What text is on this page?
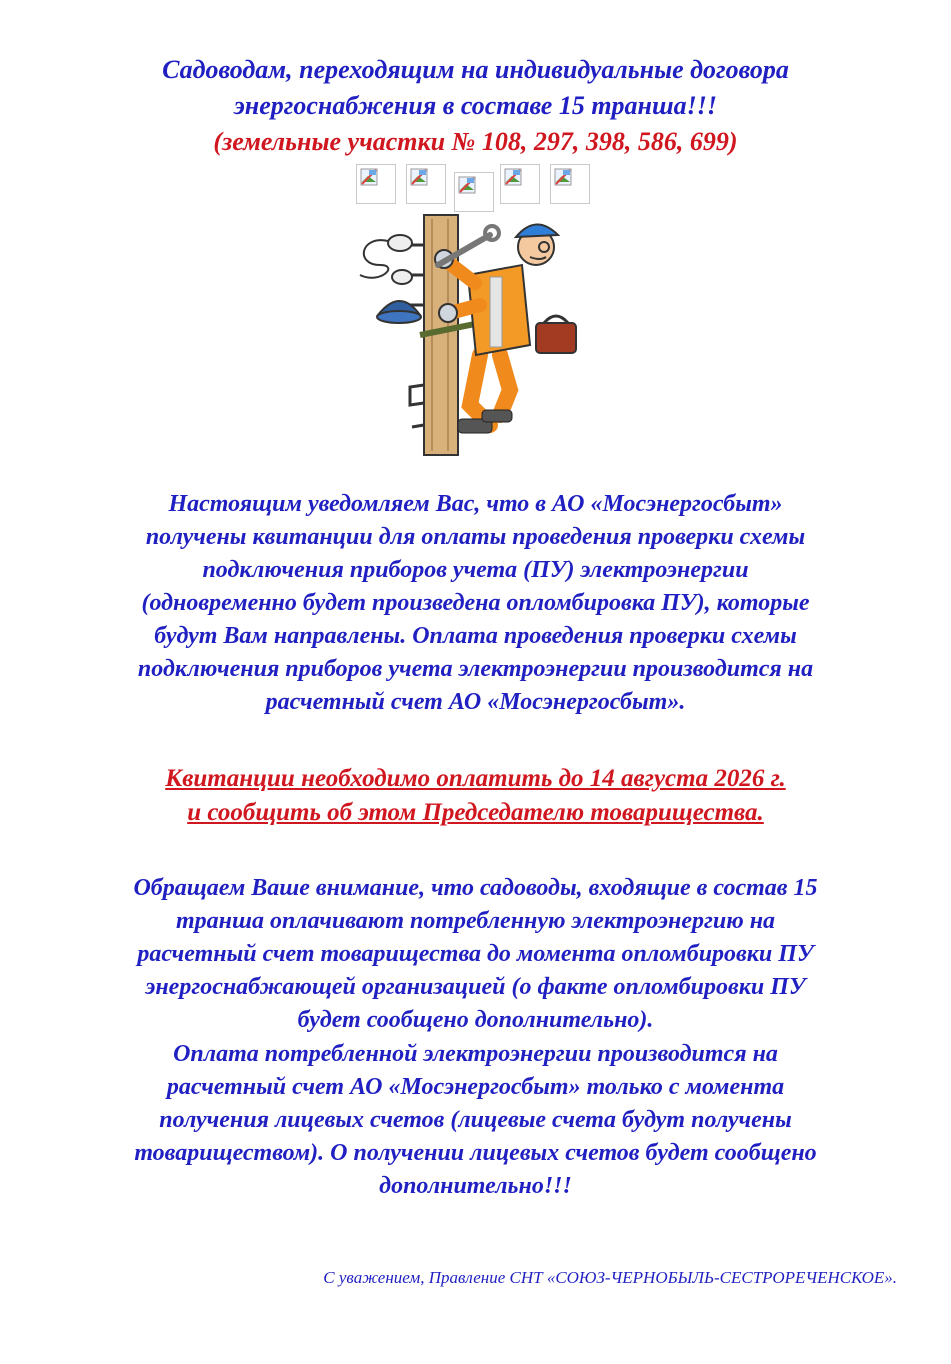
Садоводам, переходящим на индивидуальные договора
энергоснабжения в составе 15 транша!!!
(земельные участки № 108, 297, 398, 586, 699)
Настоящим уведомляем Вас, что в АО «Мосэнергосбыт»
получены квитанции для оплаты проведения проверки схемы
подключения приборов учета (ПУ) электроэнергии
(одновременно будет произведена опломбировка ПУ), которые
будут Вам направлены. Оплата проведения проверки схемы
подключения приборов учета электроэнергии производится на
расчетный счет АО «Мосэнергосбыт».
Квитанции необходимо оплатить до 14 августа 2026 г.
и сообщить об этом Председателю товарищества.
Обращаем Ваше внимание, что садоводы, входящие в состав 15
транша оплачивают потребленную электроэнергию на
расчетный счет товарищества до момента опломбировки ПУ
энергоснабжающей организацией (о факте опломбировки ПУ
будет сообщено дополнительно).
Оплата потребленной электроэнергии производится на
расчетный счет АО «Мосэнергосбыт» только с момента
получения лицевых счетов (лицевые счета будут получены
товариществом). О получении лицевых счетов будет сообщено
дополнительно!!!
С уважением, Правление СНТ «СОЮЗ-ЧЕРНОБЫЛЬ-СЕСТРОРЕЧЕНСКОЕ».
